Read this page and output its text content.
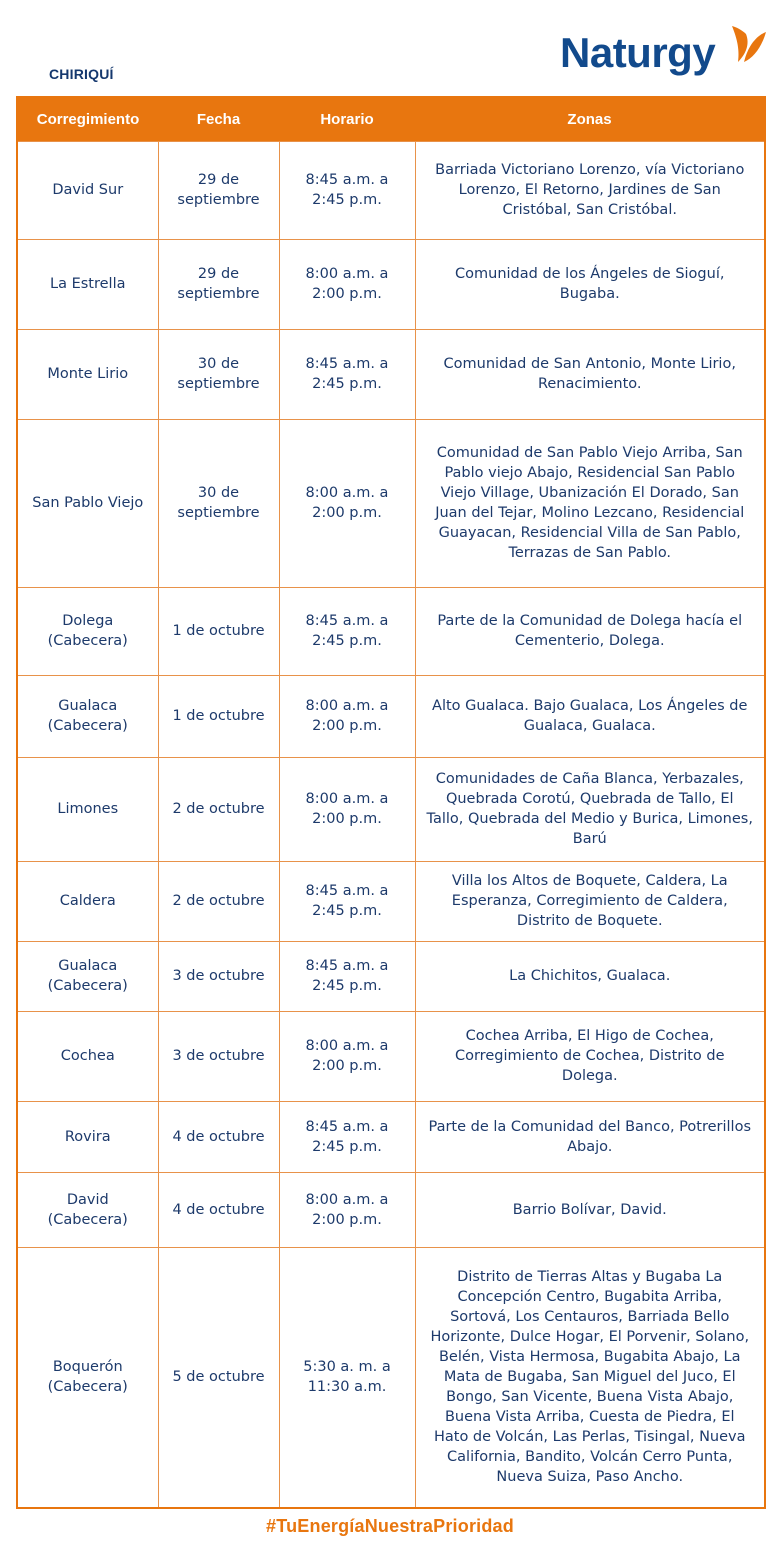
CHIRIQUÍ	Naturgy
Corregimiento	Fecha	Horario	Zonas
David Sur	29 de septiembre	8:45 a.m. a 2:45 p.m.	Barriada Victoriano Lorenzo, vía Victoriano Lorenzo, El Retorno, Jardines de San Cristóbal, San Cristóbal.
La Estrella	29 de septiembre	8:00 a.m. a 2:00 p.m.	Comunidad de los Ángeles de Sioguí, Bugaba.
Monte Lirio	30 de septiembre	8:45 a.m. a 2:45 p.m.	Comunidad de San Antonio, Monte Lirio, Renacimiento.
San Pablo Viejo	30 de septiembre	8:00 a.m. a 2:00 p.m.	Comunidad de San Pablo Viejo Arriba, San Pablo viejo Abajo, Residencial San Pablo Viejo Village, Ubanización El Dorado, San Juan del Tejar, Molino Lezcano, Residencial Guayacan, Residencial Villa de San Pablo, Terrazas de San Pablo.
Dolega (Cabecera)	1 de octubre	8:45 a.m. a 2:45 p.m.	Parte de la Comunidad de Dolega hacía el Cementerio, Dolega.
Gualaca (Cabecera)	1 de octubre	8:00 a.m. a 2:00 p.m.	Alto Gualaca. Bajo Gualaca, Los Ángeles de Gualaca, Gualaca.
Limones	2 de octubre	8:00 a.m. a 2:00 p.m.	Comunidades de Caña Blanca, Yerbazales, Quebrada Corotú, Quebrada de Tallo, El Tallo, Quebrada del Medio y Burica, Limones, Barú
Caldera	2 de octubre	8:45 a.m. a 2:45 p.m.	Villa los Altos de Boquete, Caldera, La Esperanza, Corregimiento de Caldera, Distrito de Boquete.
Gualaca (Cabecera)	3 de octubre	8:45 a.m. a 2:45 p.m.	La Chichitos, Gualaca.
Cochea	3 de octubre	8:00 a.m. a 2:00 p.m.	Cochea Arriba, El Higo de Cochea, Corregimiento de Cochea, Distrito de Dolega.
Rovira	4 de octubre	8:45 a.m. a 2:45 p.m.	Parte de la Comunidad del Banco, Potrerillos Abajo.
David (Cabecera)	4 de octubre	8:00 a.m. a 2:00 p.m.	Barrio Bolívar, David.
Boquerón (Cabecera)	5 de octubre	5:30 a. m. a 11:30 a.m.	Distrito de Tierras Altas y Bugaba La Concepción Centro, Bugabita Arriba, Sortová, Los Centauros, Barriada Bello Horizonte, Dulce Hogar, El Porvenir, Solano, Belén, Vista Hermosa, Bugabita Abajo, La Mata de Bugaba, San Miguel del Juco, El Bongo, San Vicente, Buena Vista Abajo, Buena Vista Arriba, Cuesta de Piedra, El Hato de Volcán, Las Perlas, Tisingal, Nueva California, Bandito, Volcán Cerro Punta, Nueva Suiza, Paso Ancho.
#TuEnergíaNuestraPrioridad
